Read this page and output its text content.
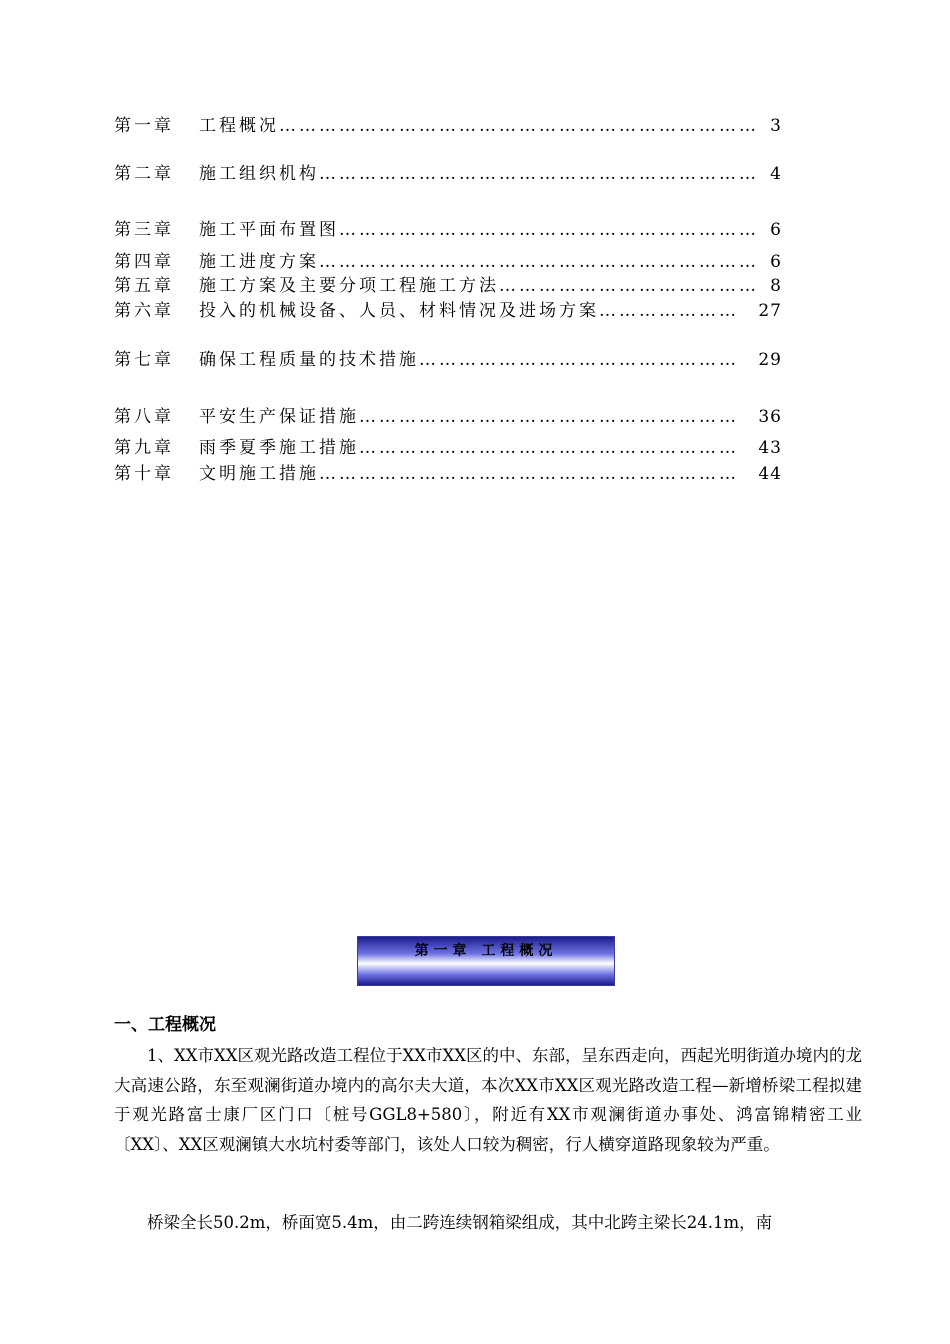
第一章 工程概况……………………………………………………………… 3
第二章 施工组织机构………………………………………………………… 4
第三章 施工平面布置图……………………………………………………… 6
第四章 施工进度方案………………………………………………………… 6
第五章 施工方案及主要分项工程施工方法………………………………… 8
第六章 投入的机械设备、人员、材料情况及进场方案………………… 27
第七章 确保工程质量的技术措施………………………………………… 29
第八章 平安生产保证措施………………………………………………… 36
第九章 雨季夏季施工措施………………………………………………… 43
第十章 文明施工措施……………………………………………………… 44
第一章 工程概况
一、工程概况

1、XX市XX区观光路改造工程位于XX市XX区的中、东部，呈东西走向，西起光明街道办境内的龙大高速公路，东至观澜街道办境内的高尔夫大道，本次XX市XX区观光路改造工程—新增桥梁工程拟建于观光路富士康厂区门口〔桩号GGL8+580〕，附近有XX市观澜街道办事处、鸿富锦精密工业〔XX〕、XX区观澜镇大水坑村委等部门，该处人口较为稠密，行人横穿道路现象较为严重。

桥梁全长50.2m，桥面宽5.4m，由二跨连续钢箱梁组成，其中北跨主梁长24.1m，南
